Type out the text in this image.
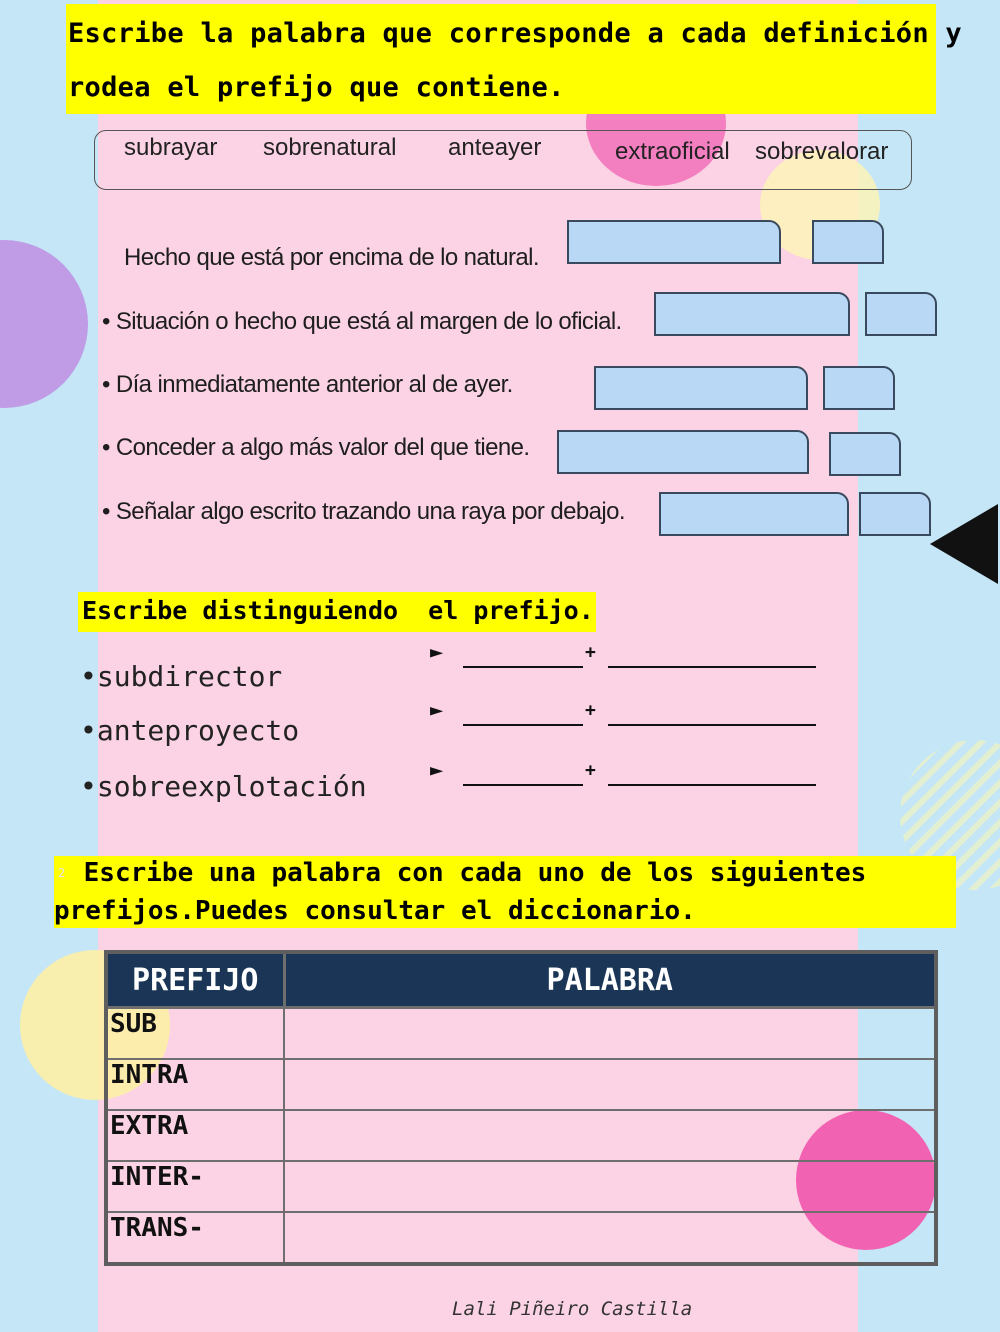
Escribe la palabra que corresponde a cada definición y
rodea el prefijo que contiene.
subrayar sobrenatural anteayer	extraoficial sobrevalorar
Hecho que está por encima de lo natural.
• Situación o hecho que está al margen de lo oficial.
• Día inmediatamente anterior al de ayer.
• Conceder a algo más valor del que tiene.
• Señalar algo escrito trazando una raya por debajo.
Escribe distinguiendo  el prefijo.
•subdirector
•anteproyecto
•sobreexplotación
►	+
►	+
►	+
2 Escribe una palabra con cada uno de los siguientes
prefijos.Puedes consultar el diccionario.
PREFIJO	PALABRA
SUB	
INTRA	
EXTRA	
INTER-	
TRANS-	
Lali Piñeiro Castilla
